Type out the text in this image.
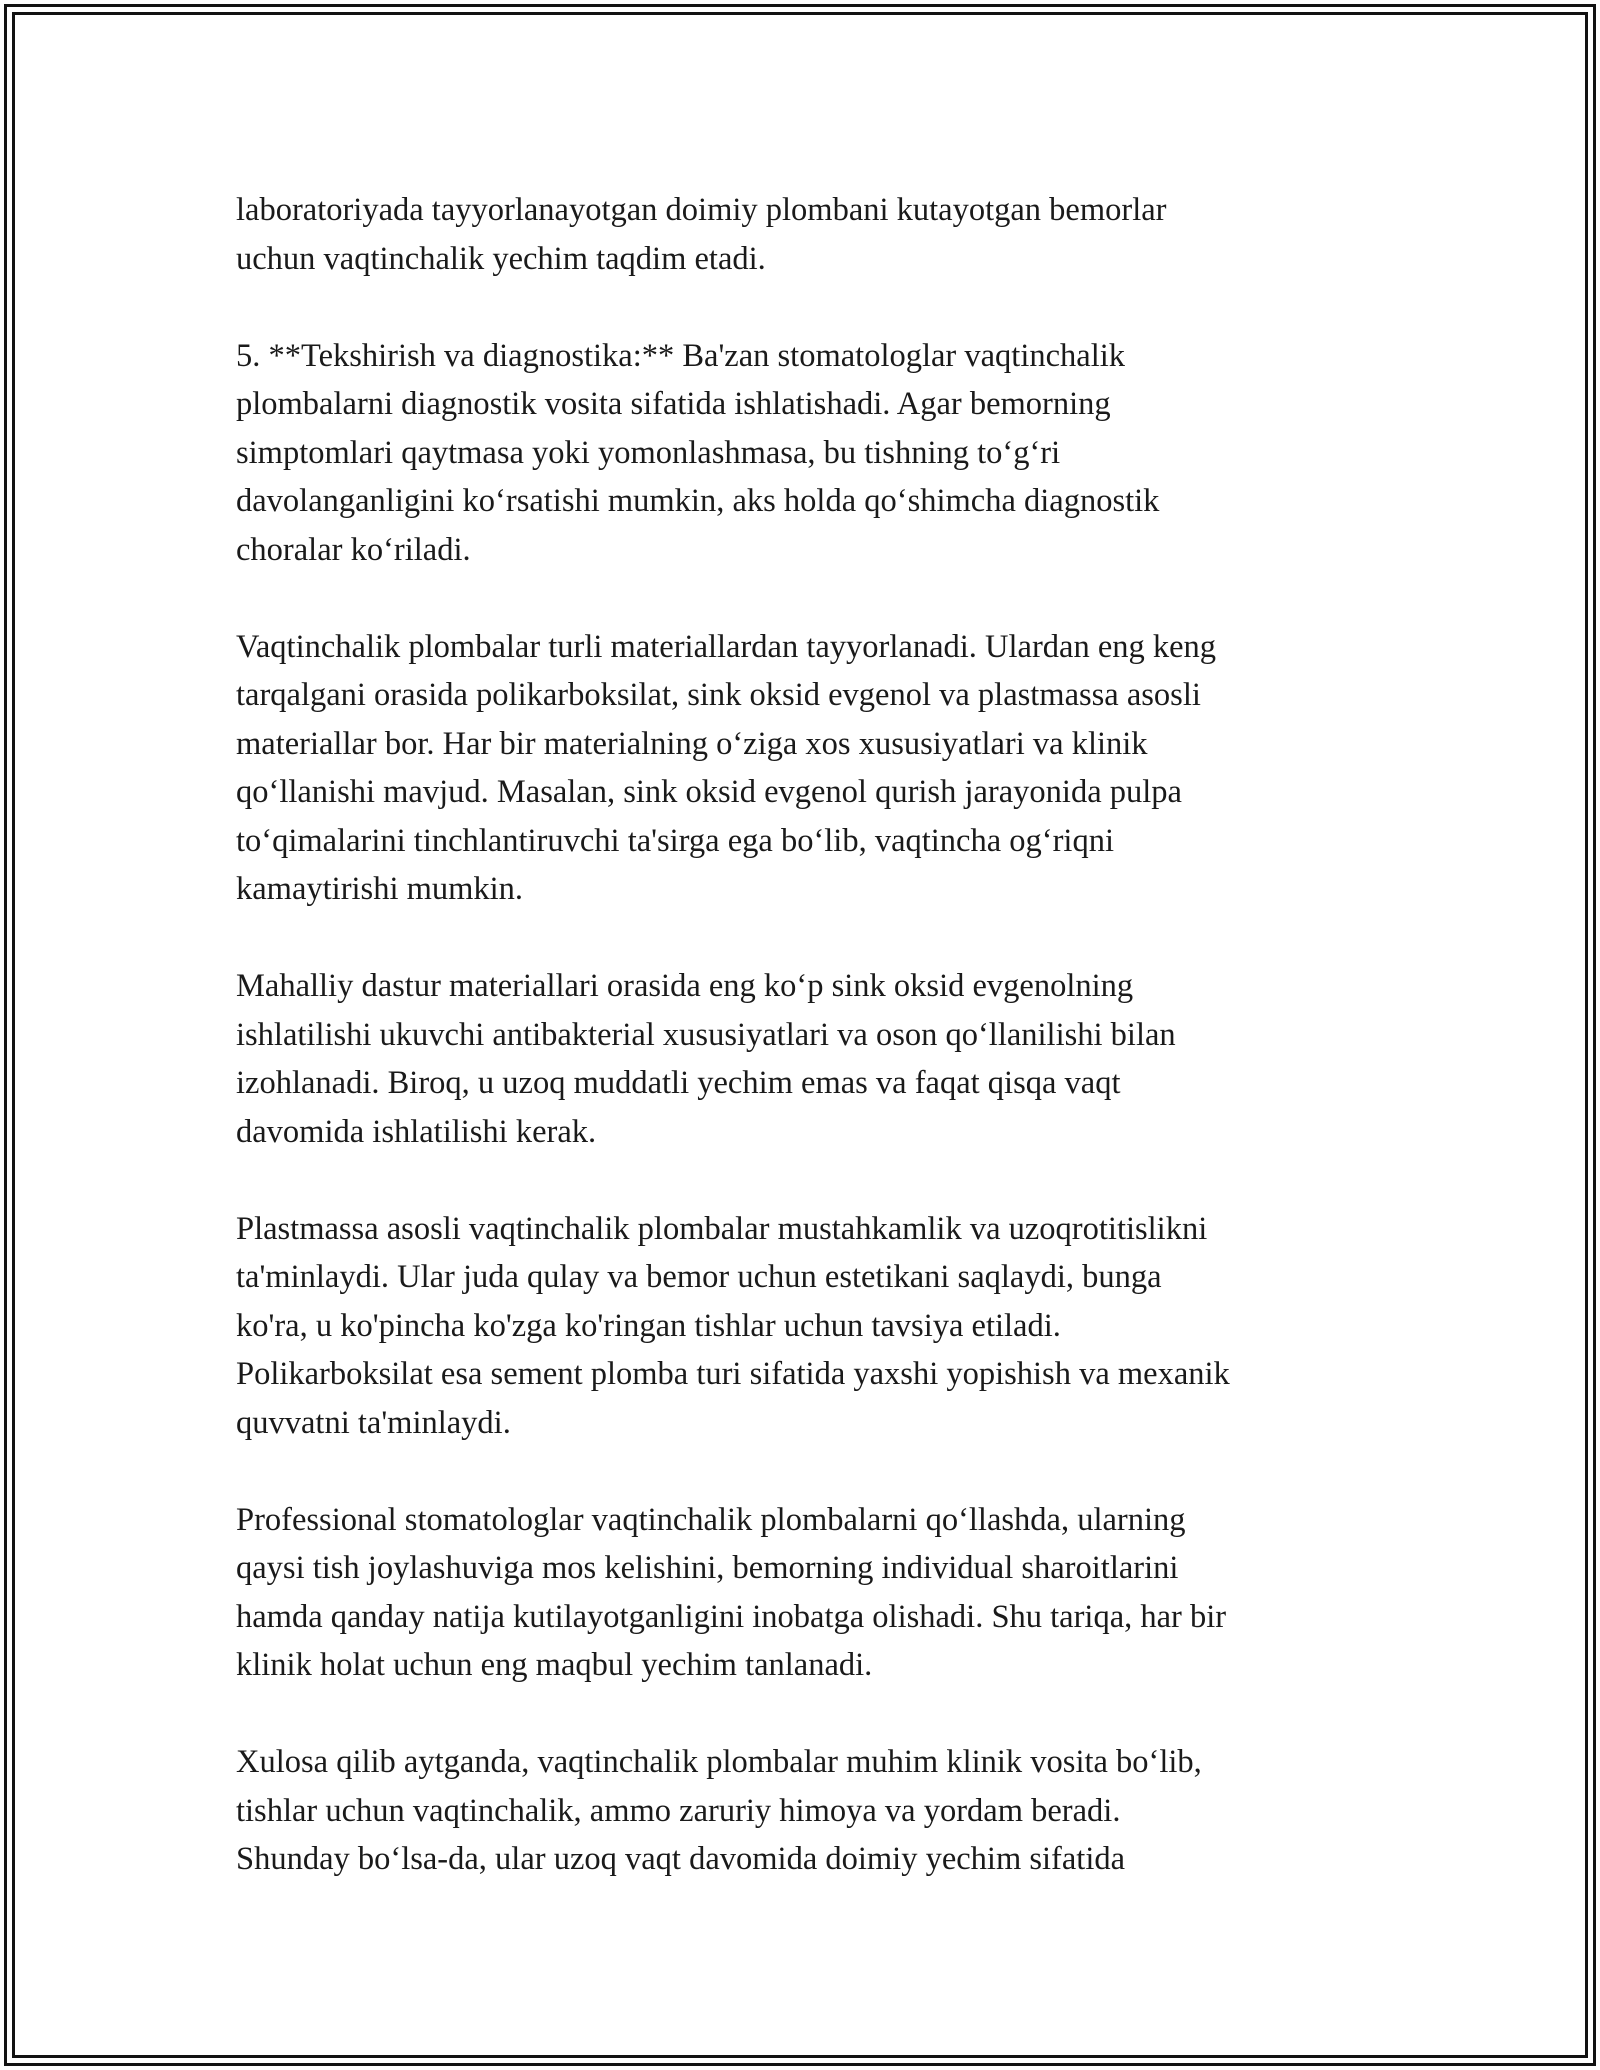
laboratoriyada tayyorlanayotgan doimiy plombani kutayotgan bemorlar
uchun vaqtinchalik yechim taqdim etadi.

5. **Tekshirish va diagnostika:** Ba'zan stomatologlar vaqtinchalik
plombalarni diagnostik vosita sifatida ishlatishadi. Agar bemorning
simptomlari qaytmasa yoki yomonlashmasa, bu tishning to‘g‘ri
davolanganligini ko‘rsatishi mumkin, aks holda qo‘shimcha diagnostik
choralar ko‘riladi.

Vaqtinchalik plombalar turli materiallardan tayyorlanadi. Ulardan eng keng
tarqalgani orasida polikarboksilat, sink oksid evgenol va plastmassa asosli
materiallar bor. Har bir materialning o‘ziga xos xususiyatlari va klinik
qo‘llanishi mavjud. Masalan, sink oksid evgenol qurish jarayonida pulpa
to‘qimalarini tinchlantiruvchi ta'sirga ega bo‘lib, vaqtincha og‘riqni
kamaytirishi mumkin.

Mahalliy dastur materiallari orasida eng ko‘p sink oksid evgenolning
ishlatilishi ukuvchi antibakterial xususiyatlari va oson qo‘llanilishi bilan
izohlanadi. Biroq, u uzoq muddatli yechim emas va faqat qisqa vaqt
davomida ishlatilishi kerak.

Plastmassa asosli vaqtinchalik plombalar mustahkamlik va uzoqrotitislikni
ta'minlaydi. Ular juda qulay va bemor uchun estetikani saqlaydi, bunga
ko'ra, u ko'pincha ko'zga ko'ringan tishlar uchun tavsiya etiladi.
Polikarboksilat esa sement plomba turi sifatida yaxshi yopishish va mexanik
quvvatni ta'minlaydi.

Professional stomatologlar vaqtinchalik plombalarni qo‘llashda, ularning
qaysi tish joylashuviga mos kelishini, bemorning individual sharoitlarini
hamda qanday natija kutilayotganligini inobatga olishadi. Shu tariqa, har bir
klinik holat uchun eng maqbul yechim tanlanadi.

Xulosa qilib aytganda, vaqtinchalik plombalar muhim klinik vosita bo‘lib,
tishlar uchun vaqtinchalik, ammo zaruriy himoya va yordam beradi.
Shunday bo‘lsa-da, ular uzoq vaqt davomida doimiy yechim sifatida
